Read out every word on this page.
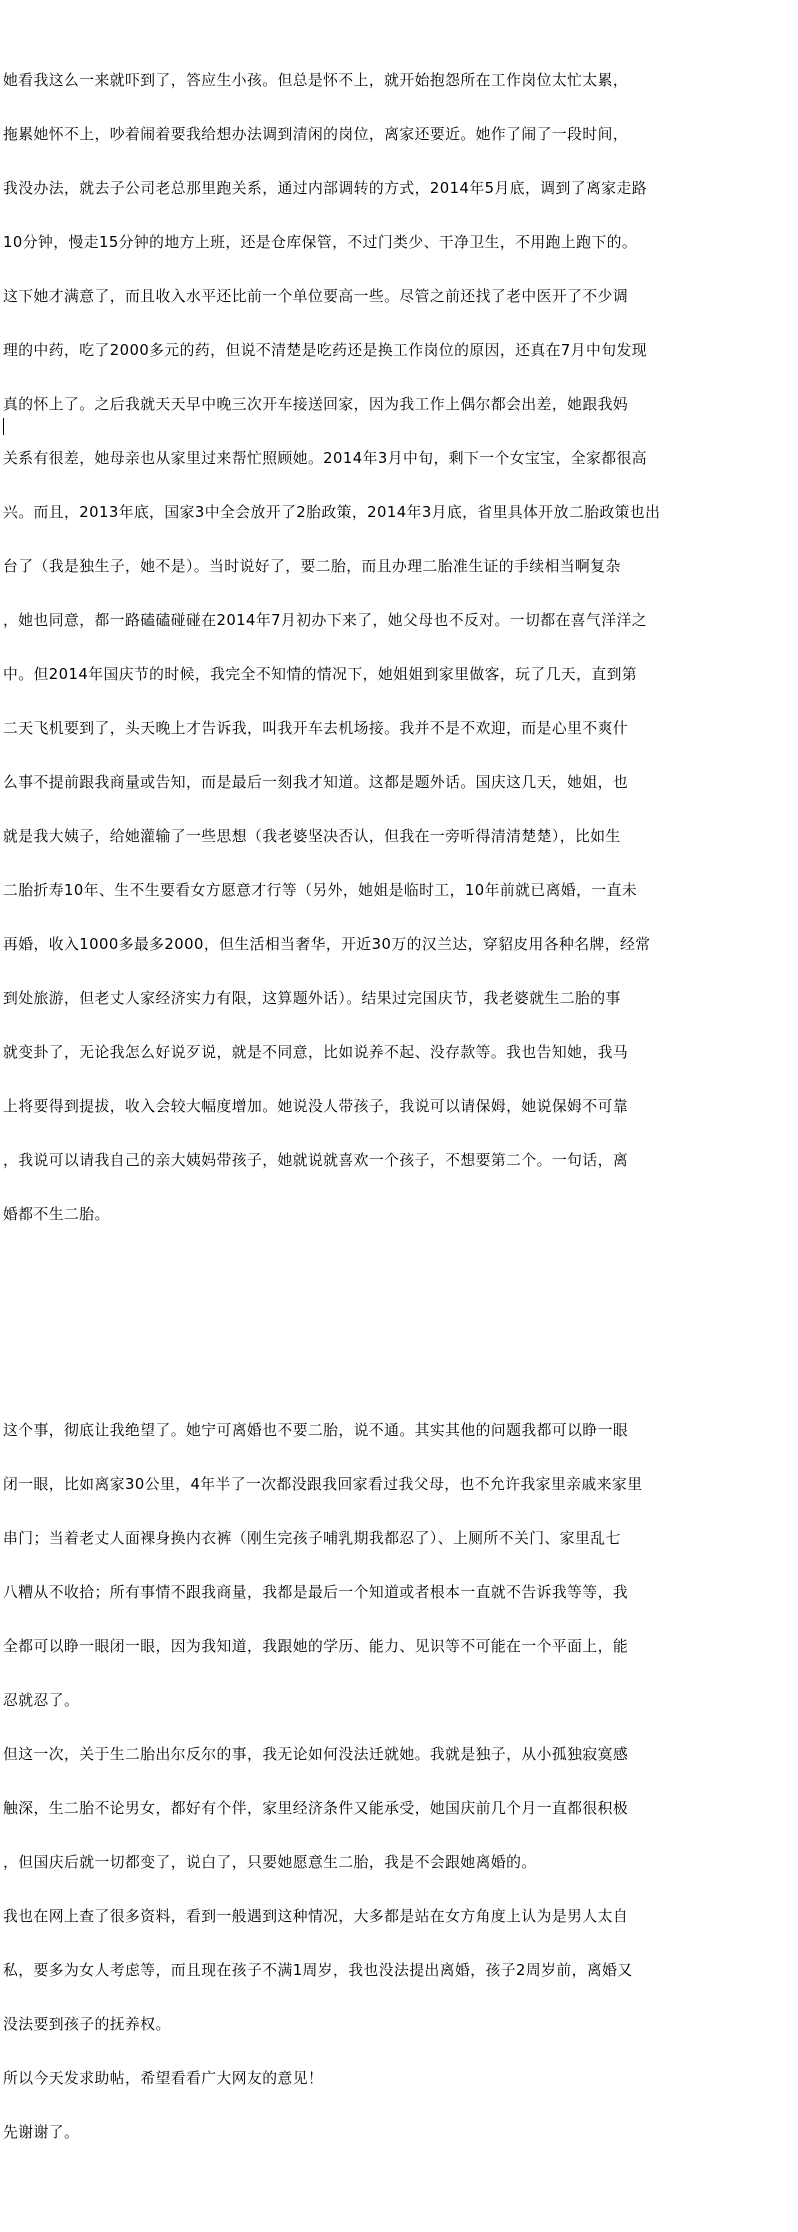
她看我这么一来就吓到了，答应生小孩。但总是怀不上，就开始抱怨所在工作岗位太忙太累，

拖累她怀不上，吵着闹着要我给想办法调到清闲的岗位，离家还要近。她作了闹了一段时间，

我没办法，就去子公司老总那里跑关系，通过内部调转的方式，2014年5月底，调到了离家走路

10分钟，慢走15分钟的地方上班，还是仓库保管，不过门类少、干净卫生，不用跑上跑下的。

这下她才满意了，而且收入水平还比前一个单位要高一些。尽管之前还找了老中医开了不少调

理的中药，吃了2000多元的药，但说不清楚是吃药还是换工作岗位的原因，还真在7月中旬发现

真的怀上了。之后我就天天早中晚三次开车接送回家，因为我工作上偶尔都会出差，她跟我妈

关系有很差，她母亲也从家里过来帮忙照顾她。2014年3月中旬，剩下一个女宝宝，全家都很高

兴。而且，2013年底，国家3中全会放开了2胎政策，2014年3月底，省里具体开放二胎政策也出

台了（我是独生子，她不是）。当时说好了，要二胎，而且办理二胎准生证的手续相当啊复杂

，她也同意，都一路磕磕碰碰在2014年7月初办下来了，她父母也不反对。一切都在喜气洋洋之

中。但2014年国庆节的时候，我完全不知情的情况下，她姐姐到家里做客，玩了几天，直到第

二天飞机要到了，头天晚上才告诉我，叫我开车去机场接。我并不是不欢迎，而是心里不爽什

么事不提前跟我商量或告知，而是最后一刻我才知道。这都是题外话。国庆这几天，她姐，也

就是我大姨子，给她灌输了一些思想（我老婆坚决否认，但我在一旁听得清清楚楚），比如生

二胎折寿10年、生不生要看女方愿意才行等（另外，她姐是临时工，10年前就已离婚，一直未

再婚，收入1000多最多2000，但生活相当奢华，开近30万的汉兰达，穿貂皮用各种名牌，经常

到处旅游，但老丈人家经济实力有限，这算题外话）。结果过完国庆节，我老婆就生二胎的事

就变卦了，无论我怎么好说歹说，就是不同意，比如说养不起、没存款等。我也告知她，我马

上将要得到提拔，收入会较大幅度增加。她说没人带孩子，我说可以请保姆，她说保姆不可靠

，我说可以请我自己的亲大姨妈带孩子，她就说就喜欢一个孩子，不想要第二个。一句话，离

婚都不生二胎。

这个事，彻底让我绝望了。她宁可离婚也不要二胎，说不通。其实其他的问题我都可以睁一眼

闭一眼，比如离家30公里，4年半了一次都没跟我回家看过我父母，也不允许我家里亲戚来家里

串门；当着老丈人面裸身换内衣裤（刚生完孩子哺乳期我都忍了）、上厕所不关门、家里乱七

八糟从不收拾；所有事情不跟我商量，我都是最后一个知道或者根本一直就不告诉我等等，我

全都可以睁一眼闭一眼，因为我知道，我跟她的学历、能力、见识等不可能在一个平面上，能

忍就忍了。

但这一次，关于生二胎出尔反尔的事，我无论如何没法迁就她。我就是独子，从小孤独寂寞感

触深，生二胎不论男女，都好有个伴，家里经济条件又能承受，她国庆前几个月一直都很积极

，但国庆后就一切都变了，说白了，只要她愿意生二胎，我是不会跟她离婚的。

我也在网上查了很多资料，看到一般遇到这种情况，大多都是站在女方角度上认为是男人太自

私，要多为女人考虑等，而且现在孩子不满1周岁，我也没法提出离婚，孩子2周岁前，离婚又

没法要到孩子的抚养权。

所以今天发求助帖，希望看看广大网友的意见！

先谢谢了。
